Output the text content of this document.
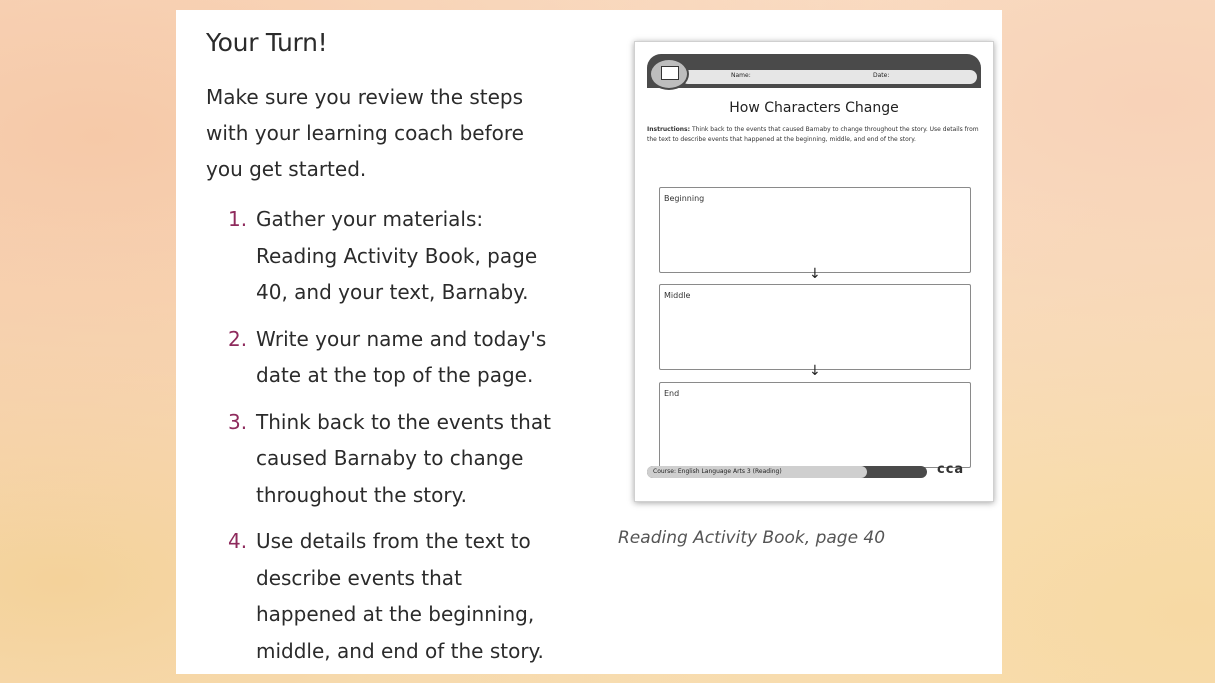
Your Turn!

Make sure you review the steps with your learning coach before you get started.

1. Gather your materials: Reading Activity Book, page 40, and your text, Barnaby.
2. Write your name and today's date at the top of the page.
3. Think back to the events that caused Barnaby to change throughout the story.
4. Use details from the text to describe events that happened at the beginning, middle, and end of the story.
Name:	Date:
How Characters Change
Instructions: Think back to the events that caused Barnaby to change throughout the story. Use details from the text to describe events that happened at the beginning, middle, and end of the story.
Beginning
↓
Middle
↓
End
Course: English Language Arts 3 (Reading)	cca
Reading Activity Book, page 40
